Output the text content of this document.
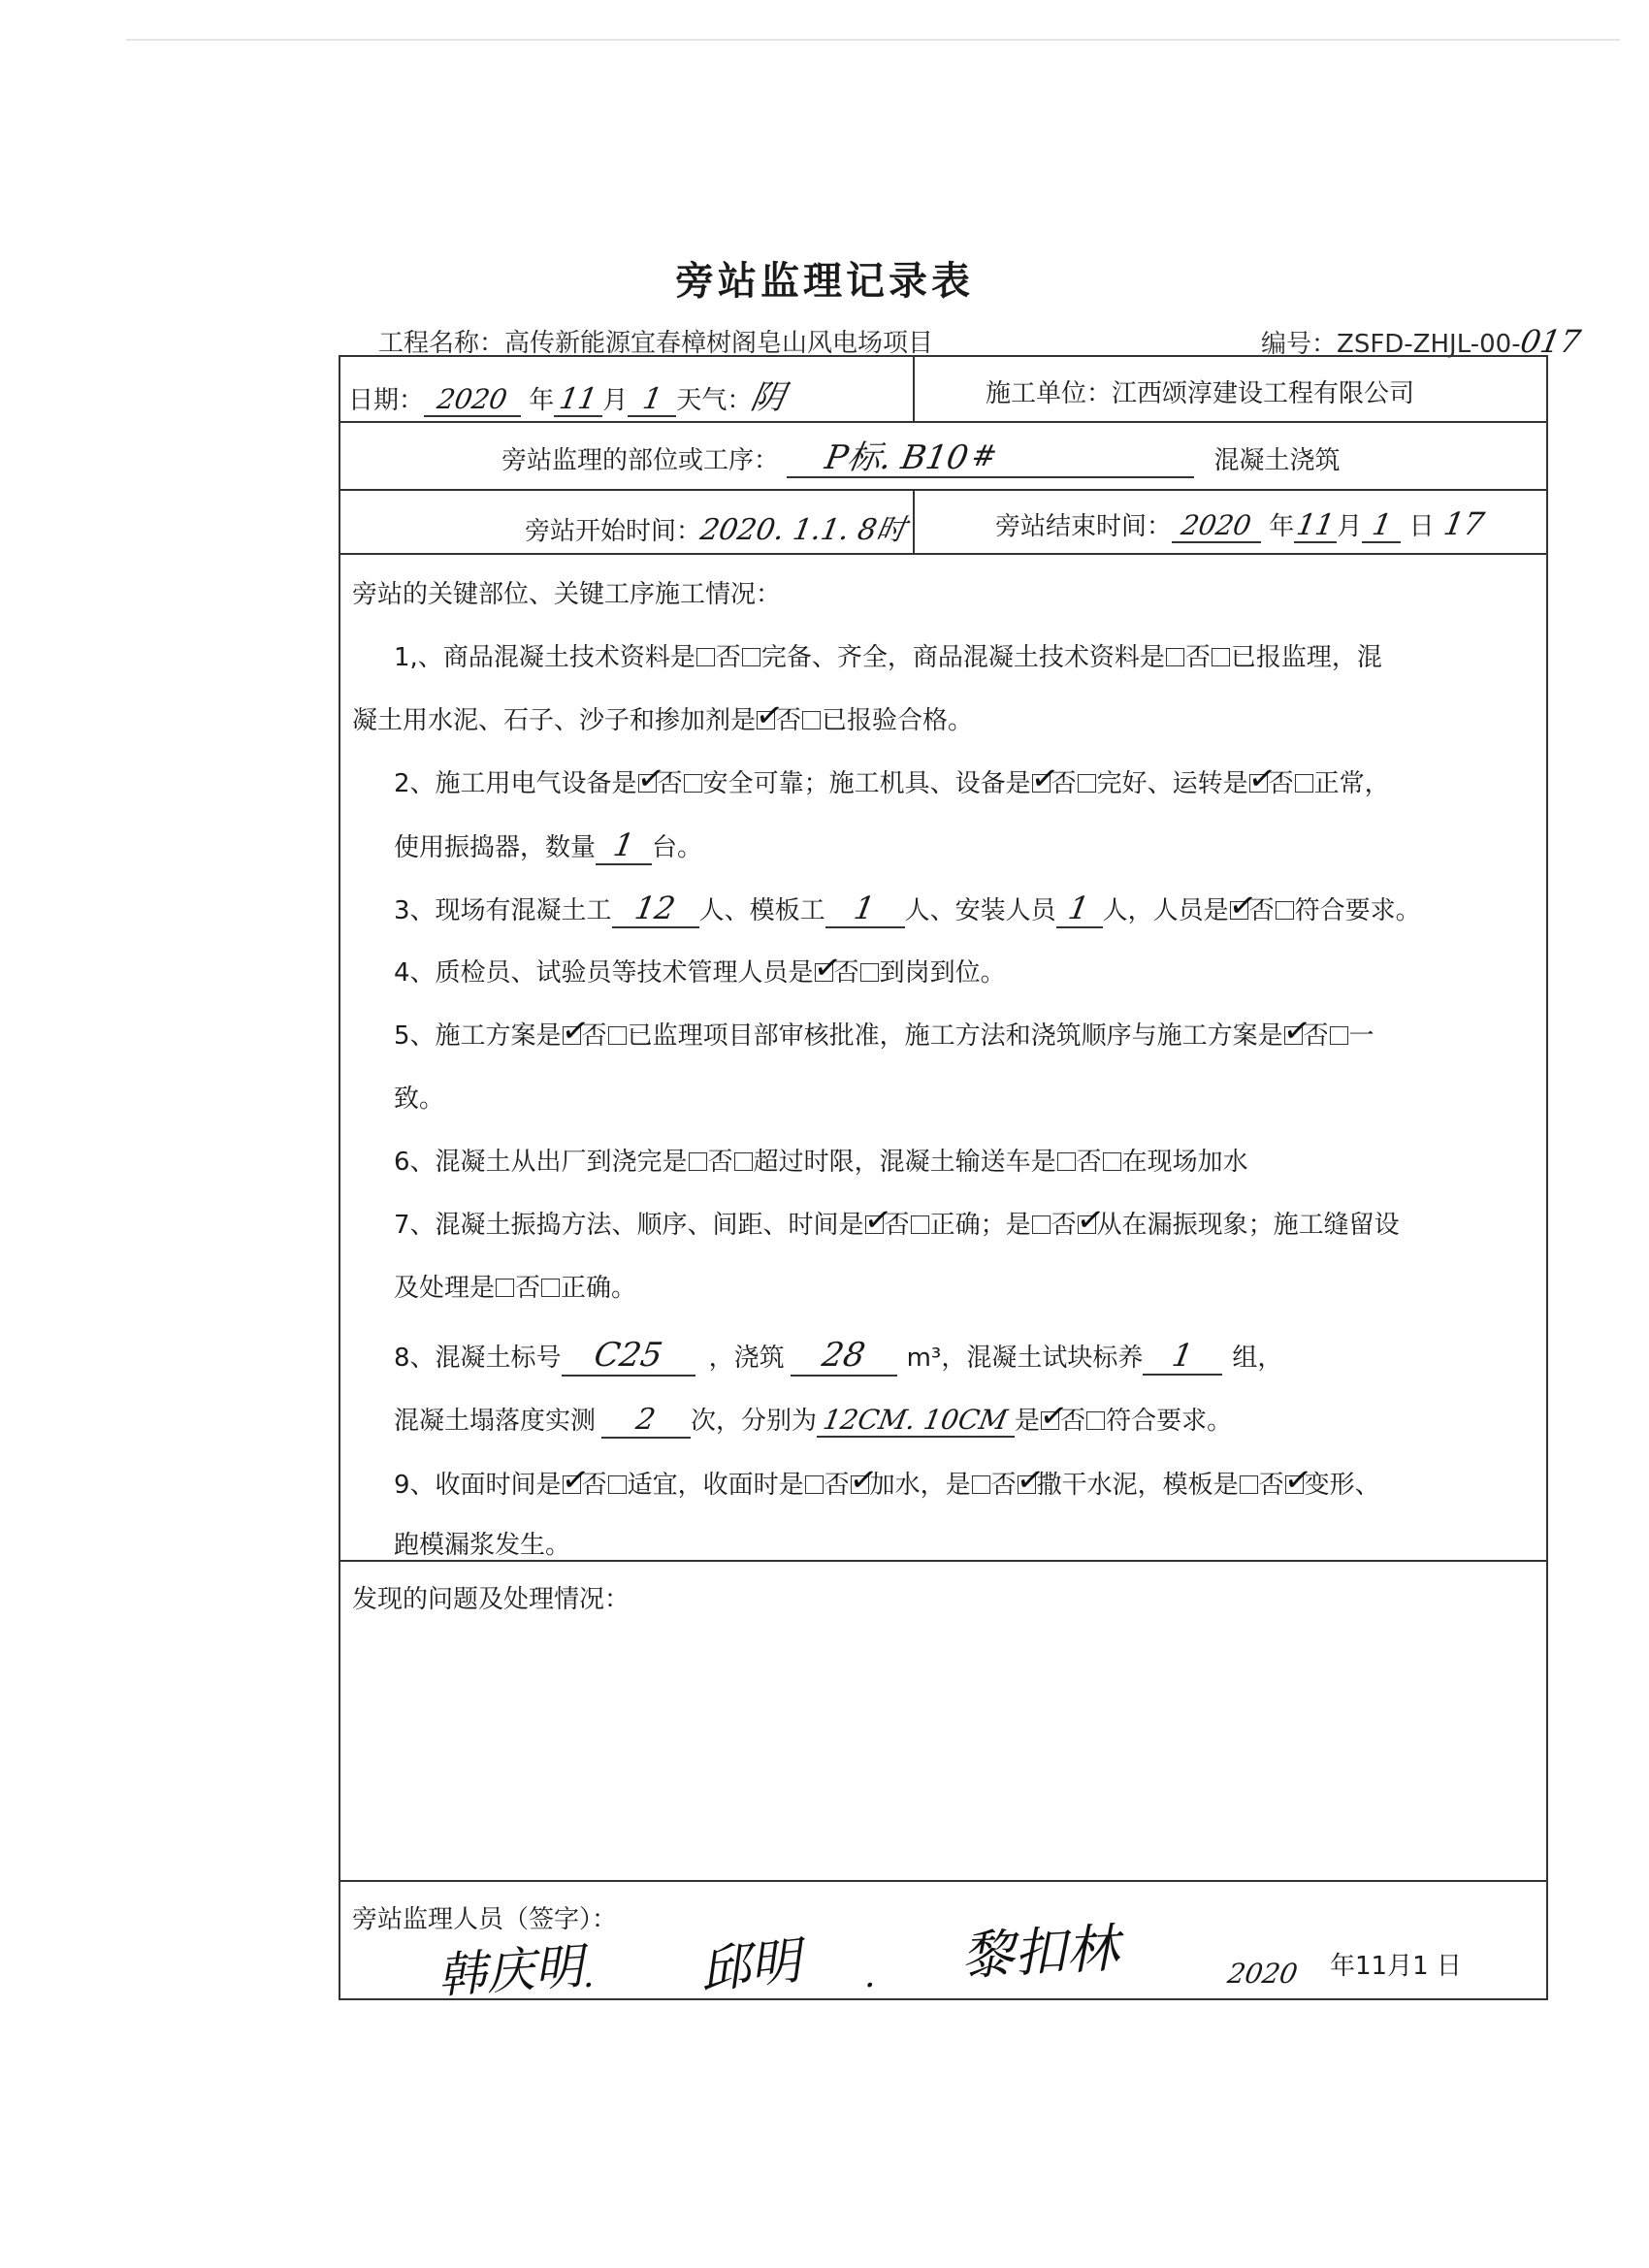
旁站监理记录表
工程名称：高传新能源宜春樟树阁皂山风电场项目	编号：ZSFD-ZHJL-00-017
日期： 2020 年11 月 1 天气：阴	施工单位：江西颂淳建设工程有限公司
旁站监理的部位或工序： P标. B10#	混凝土浇筑
旁站开始时间：2020. 1.1. 8时	旁站结束时间： 2020 年11月 1 日 17
旁站的关键部位、关键工序施工情况：
1,、商品混凝土技术资料是 否 完备、齐全，商品混凝土技术资料是 否 已报监理，混
凝土用水泥、石子、沙子和掺加剂是 ✓ 否 已报验合格。
2、施工用电气设备是 ✓ 否 安全可靠；施工机具、设备是 ✓ 否 完好、运转是 ✓ 否 正常，
使用振捣器，数量 1 台。
3、现场有混凝土工 12 人、模板工 1 人、安装人员 1 人，人员是 ✓ 否 符合要求。
4、质检员、试验员等技术管理人员是 ✓ 否 到岗到位。
5、施工方案是 ✓ 否 已监理项目部审核批准，施工方法和浇筑顺序与施工方案是 ✓ 否 一
致。
6、混凝土从出厂到浇完是 否 超过时限，混凝土输送车是 否 在现场加水
7、混凝土振捣方法、顺序、间距、时间是 ✓ 否 正确；是 否 ✓ 从在漏振现象；施工缝留设
及处理是 否 正确。
8、混凝土标号 C25 ，浇筑 28 m³，混凝土试块标养 1 组，
混凝土塌落度实测 2 次，分别为 12CM. 10CM 是 ✓ 否 符合要求。
9、收面时间是 ✓ 否 适宜，收面时是 否 ✓ 加水，是 否 ✓ 撒干水泥，模板是 否 ✓ 变形、
跑模漏浆发生。
发现的问题及处理情况：
旁站监理人员（签字）：
韩庆明
. 邱明 . 黎扣林	2020 年11月1 日
